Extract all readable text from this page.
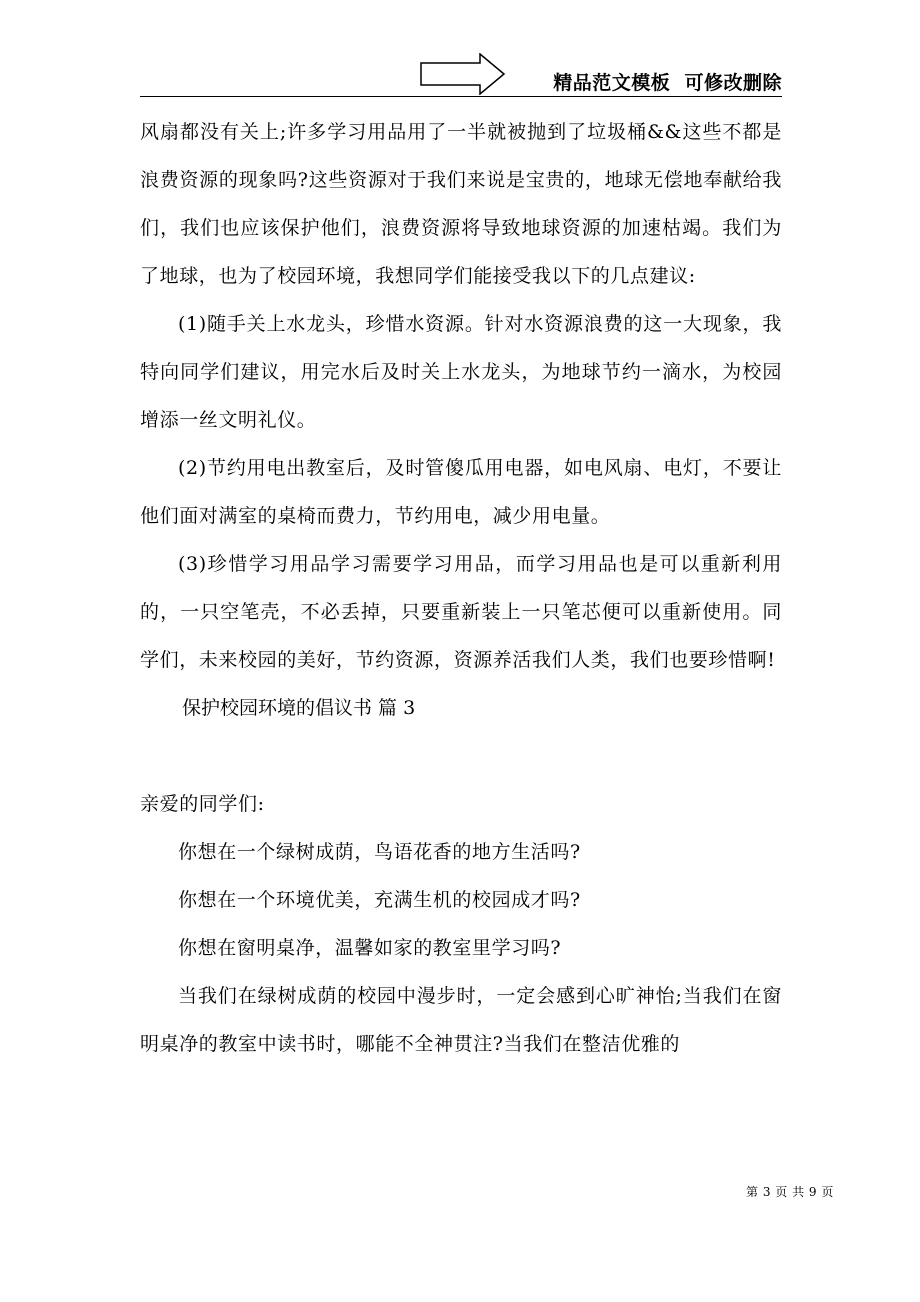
精品范文模板  可修改删除

风扇都没有关上;许多学习用品用了一半就被抛到了垃圾桶&&这些不都是浪费资源的现象吗?这些资源对于我们来说是宝贵的，地球无偿地奉献给我们，我们也应该保护他们，浪费资源将导致地球资源的加速枯竭。我们为了地球，也为了校园环境，我想同学们能接受我以下的几点建议:

(1)随手关上水龙头，珍惜水资源。针对水资源浪费的这一大现象，我特向同学们建议，用完水后及时关上水龙头，为地球节约一滴水，为校园增添一丝文明礼仪。

(2)节约用电出教室后，及时管傻瓜用电器，如电风扇、电灯，不要让他们面对满室的桌椅而费力，节约用电，减少用电量。

(3)珍惜学习用品学习需要学习用品，而学习用品也是可以重新利用的，一只空笔壳，不必丢掉，只要重新装上一只笔芯便可以重新使用。同学们，未来校园的美好，节约资源，资源养活我们人类，我们也要珍惜啊!

保护校园环境的倡议书 篇 3

亲爱的同学们:

你想在一个绿树成荫，鸟语花香的地方生活吗?

你想在一个环境优美，充满生机的校园成才吗?

你想在窗明桌净，温馨如家的教室里学习吗?

当我们在绿树成荫的校园中漫步时，一定会感到心旷神怡;当我们在窗明桌净的教室中读书时，哪能不全神贯注?当我们在整洁优雅的

第 3 页 共 9 页
